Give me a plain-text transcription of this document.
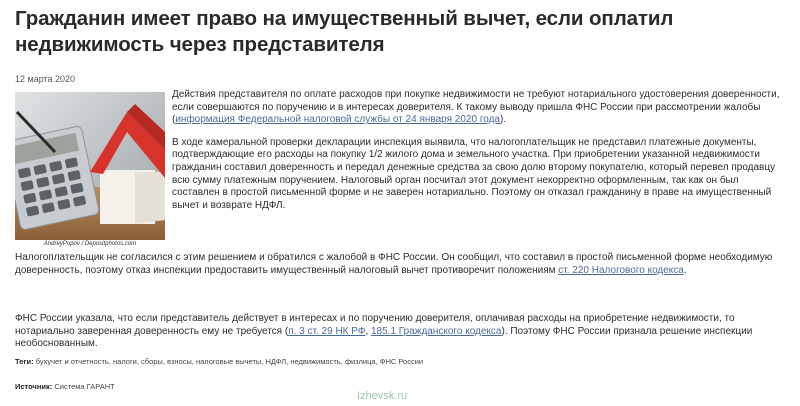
Гражданин имеет право на имущественный вычет, если оплатил недвижимость через представителя
12 марта 2020
AndreyPopov / Depositphotos.com

Действия представителя по оплате расходов при покупке недвижимости не требуют нотариального удостоверения доверенности, если совершаются по поручению и в интересах доверителя. К такому выводу пришла ФНС России при рассмотрении жалобы (информация Федеральной налоговой службы от 24 января 2020 года).

В ходе камеральной проверки декларации инспекция выявила, что налогоплательщик не представил платежные документы, подтверждающие его расходы на покупку 1/2 жилого дома и земельного участка. При приобретении указанной недвижимости гражданин составил доверенность и передал денежные средства за свою долю второму покупателю, который перевел продавцу всю сумму платежным поручением. Налоговый орган посчитал этот документ некорректно оформленным, так как он был составлен в простой письменной форме и не заверен нотариально. Поэтому он отказал гражданину в праве на имущественный вычет и возврате НДФЛ.

Налогоплательщик не согласился с этим решением и обратился с жалобой в ФНС России. Он сообщил, что составил в простой письменной форме необходимую доверенность, поэтому отказ инспекции предоставить имущественный налоговый вычет противоречит положениям ст. 220 Налогового кодекса.

ФНС России указала, что если представитель действует в интересах и по поручению доверителя, оплачивая расходы на приобретение недвижимости, то нотариально заверенная доверенность ему не требуется (п. 3 ст. 29 НК РФ, 185.1 Гражданского кодекса). Поэтому ФНС России признала решение инспекции необоснованным.

Теги: бухучет и отчетность, налоги, сборы, взносы, налоговые вычеты, НДФЛ, недвижимость, физлица, ФНС России
Источник: Система ГАРАНТ
Izhevsk.ru
